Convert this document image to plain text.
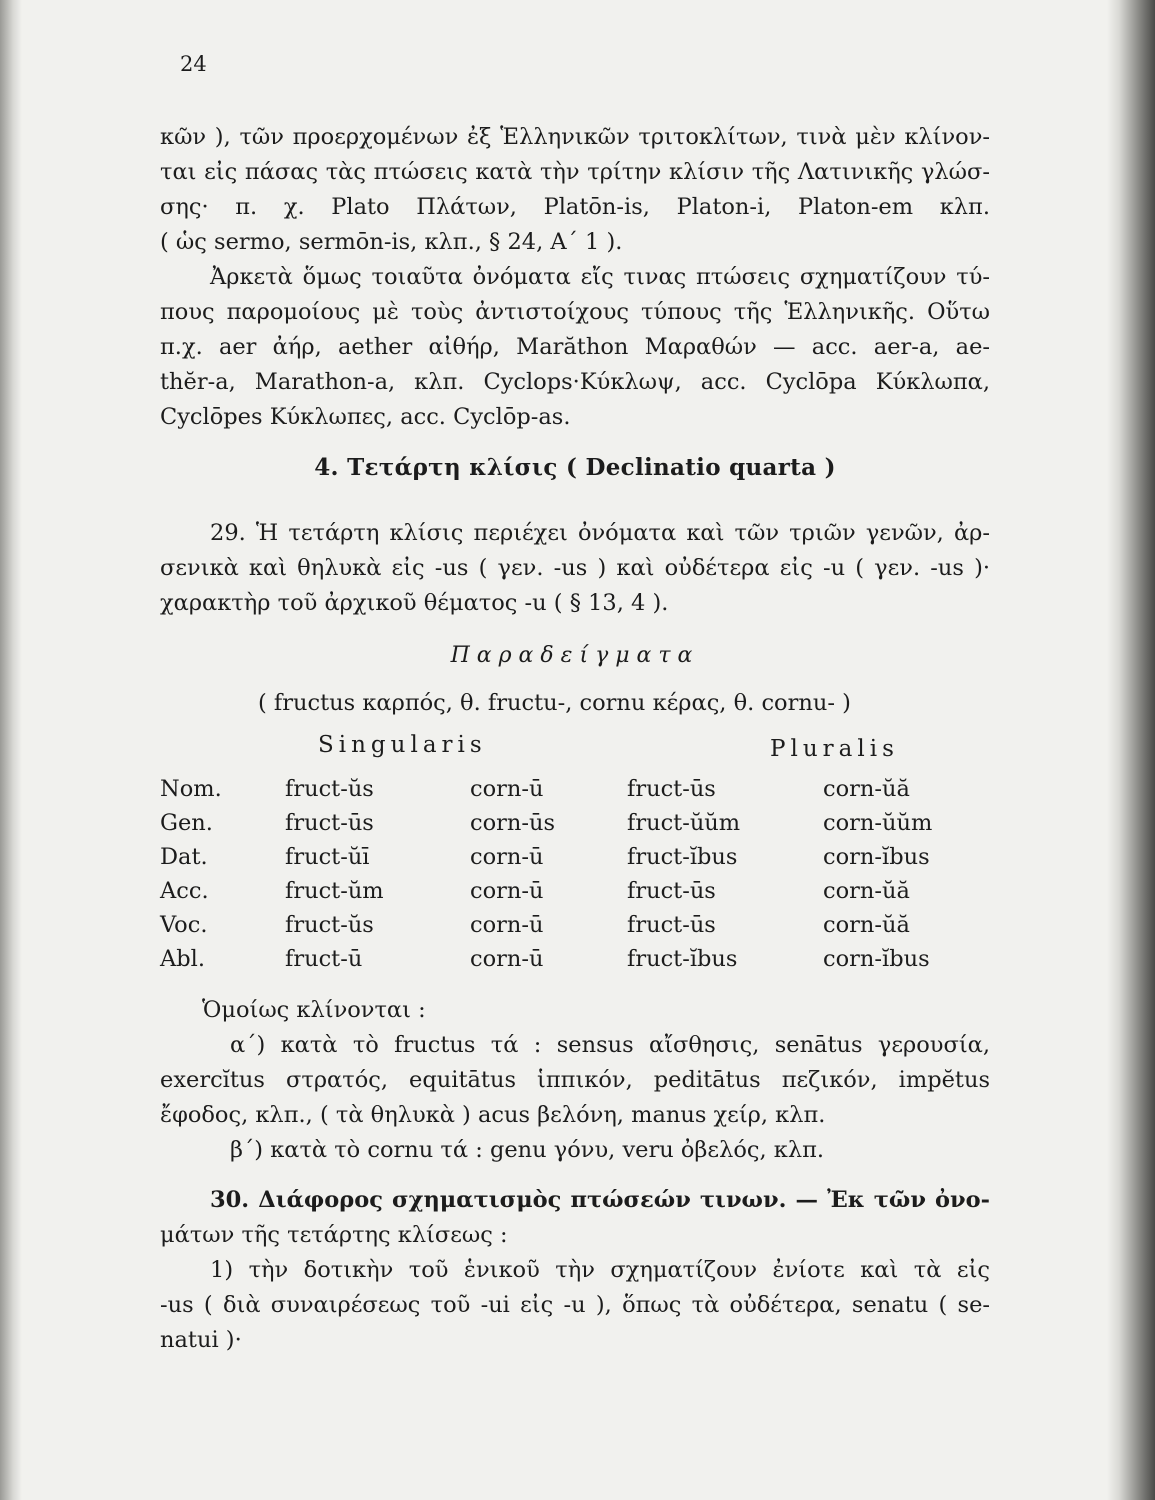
24
κῶν ), τῶν προερχομένων ἐξ Ἑλληνικῶν τριτοκλίτων, τινὰ μὲν κλίνον-
ται εἰς πάσας τὰς πτώσεις κατὰ τὴν τρίτην κλίσιν τῆς Λατινικῆς γλώσ-
σης· π. χ. Plato Πλάτων, Platōn-is, Platon-i, Platon-em κλπ.
( ὡς sermo, sermōn-is, κλπ., § 24, Α΄ 1 ).
Ἀρκετὰ ὅμως τοιαῦτα ὀνόματα εἴς τινας πτώσεις σχηματίζουν τύ-
πους παρομοίους μὲ τοὺς ἀντιστοίχους τύπους τῆς Ἑλληνικῆς. Οὕτω
π.χ. aer ἀήρ, aether αἰθήρ, Marăthon Μαραθών — acc. aer-a, ae-
thĕr-a, Marathon-a, κλπ. Cyclops·Κύκλωψ, acc. Cyclōpa Κύκλωπα,
Cyclōpes Κύκλωπες, acc. Cyclōp-as.
4. Τετάρτη κλίσις ( Declinatio quarta )
29. Ἡ τετάρτη κλίσις περιέχει ὀνόματα καὶ τῶν τριῶν γενῶν, ἀρ-
σενικὰ καὶ θηλυκὰ εἰς -us ( γεν. -us ) καὶ οὐδέτερα εἰς -u ( γεν. -us )·
χαρακτὴρ τοῦ ἀρχικοῦ θέματος -u ( § 13, 4 ).
Παραδείγματα
( fructus καρπός, θ. fructu-, cornu κέρας, θ. cornu- )
Singularis	Pluralis
Nom.	fruct-ŭs	corn-ū	fruct-ūs	corn-ŭă
Gen.	fruct-ūs	corn-ūs	fruct-ŭŭm	corn-ŭŭm
Dat.	fruct-ŭī	corn-ū	fruct-ĭbus	corn-ĭbus
Acc.	fruct-ŭm	corn-ū	fruct-ūs	corn-ŭă
Voc.	fruct-ŭs	corn-ū	fruct-ūs	corn-ŭă
Abl.	fruct-ū	corn-ū	fruct-ĭbus	corn-ĭbus
Ὁμοίως κλίνονται :
α΄) κατὰ τὸ fructus τά : sensus αἴσθησις, senātus γερουσία,
exercĭtus στρατός, equitātus ἱππικόν, peditātus πεζικόν, impĕtus
ἔφοδος, κλπ., ( τὰ θηλυκὰ ) acus βελόνη, manus χείρ, κλπ.
β΄) κατὰ τὸ cornu τά : genu γόνυ, veru ὀβελός, κλπ.
30. Διάφορος σχηματισμὸς πτώσεών τινων. — Ἐκ τῶν ὀνο-
μάτων τῆς τετάρτης κλίσεως :
1) τὴν δοτικὴν τοῦ ἑνικοῦ τὴν σχηματίζουν ἐνίοτε καὶ τὰ εἰς
-us ( διὰ συναιρέσεως τοῦ -ui εἰς -u ), ὅπως τὰ οὐδέτερα, senatu ( se-
natui )·
